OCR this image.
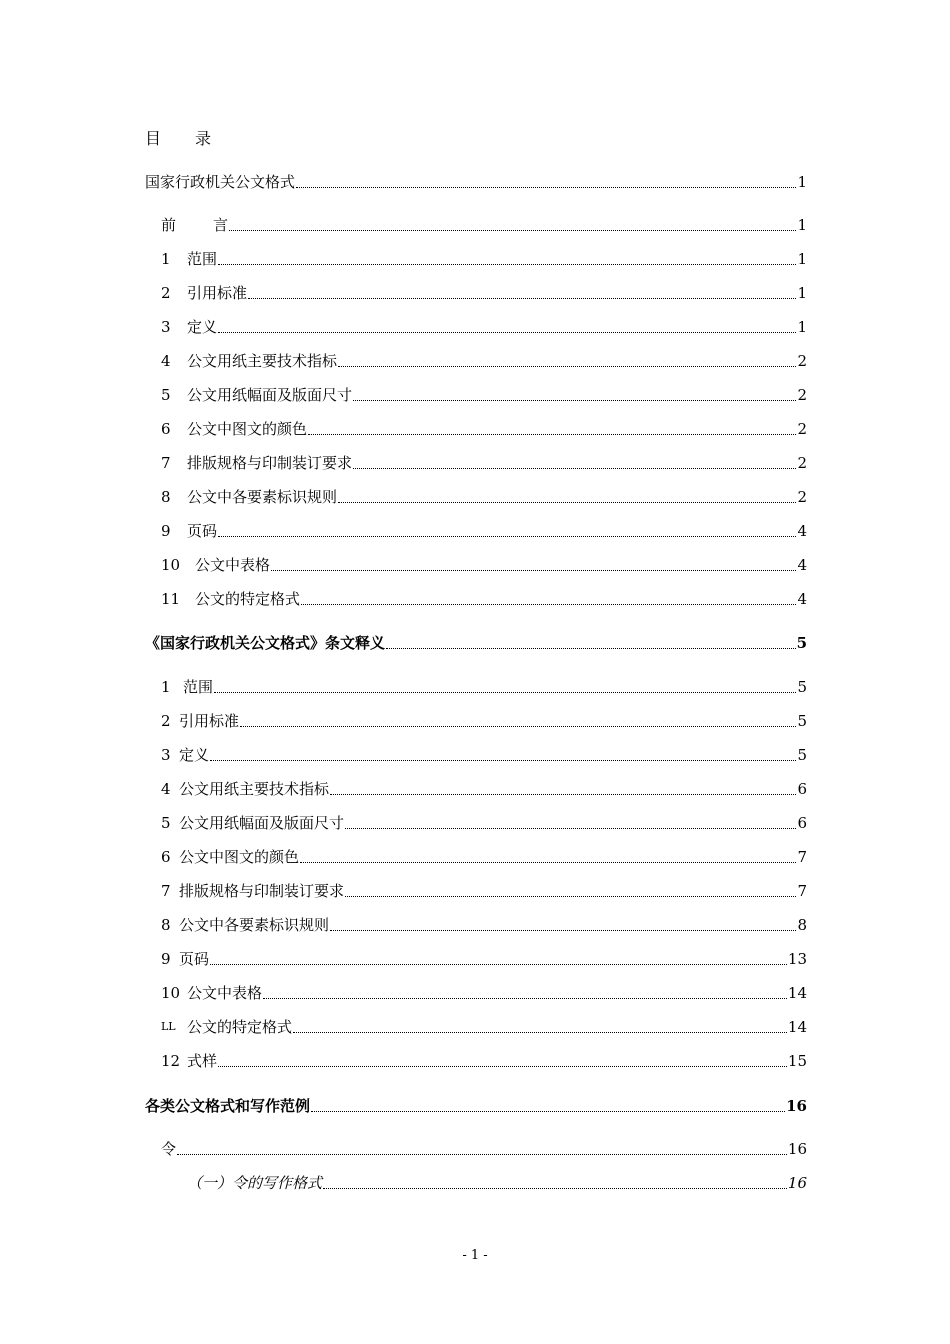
目 录
国家行政机关公文格式	1
前	言	1
1	范围	1
2	引用标准	1
3	定义	1
4	公文用纸主要技术指标	2
5	公文用纸幅面及版面尺寸	2
6	公文中图文的颜色	2
7	排版规格与印制装订要求	2
8	公文中各要素标识规则	2
9	页码	4
10 公文中表格	4
11 公文的特定格式	4
《国家行政机关公文格式》条文释义	5
1 范围	5
2 引用标准	5
3 定义	5
4 公文用纸主要技术指标	6
5 公文用纸幅面及版面尺寸	6
6 公文中图文的颜色	7
7 排版规格与印制装订要求	7
8 公文中各要素标识规则	8
9 页码	13
10 公文中表格	14
LL 公文的特定格式	14
12 式样	15
各类公文格式和写作范例	16
令	16
（一）令的写作格式	16
- 1 -
